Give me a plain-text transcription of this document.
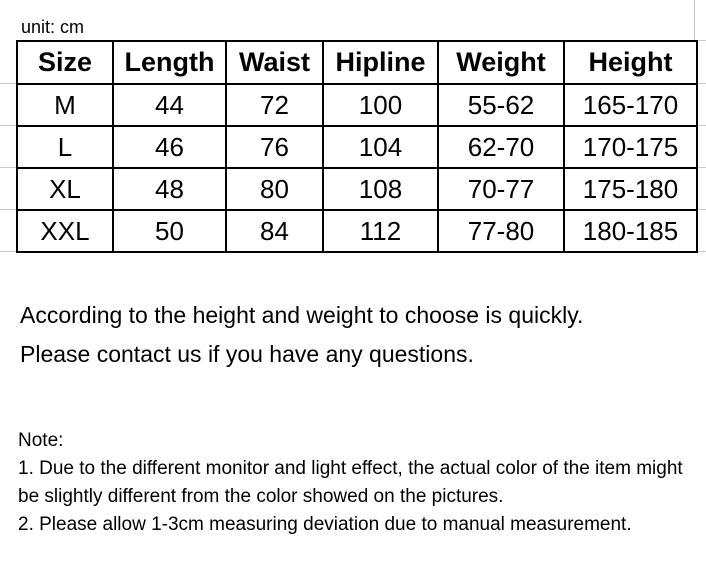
unit: cm
Size	Length	Waist	Hipline	Weight	Height
M	44	72	100	55-62	165-170
L	46	76	104	62-70	170-175
XL	48	80	108	70-77	175-180
XXL	50	84	112	77-80	180-185
According to the height and weight to choose is quickly.
Please contact us if you have any questions.
Note:
1. Due to the different monitor and light effect, the actual color of the item might be slightly different from the color showed on the pictures.
2. Please allow 1-3cm measuring deviation due to manual measurement.
